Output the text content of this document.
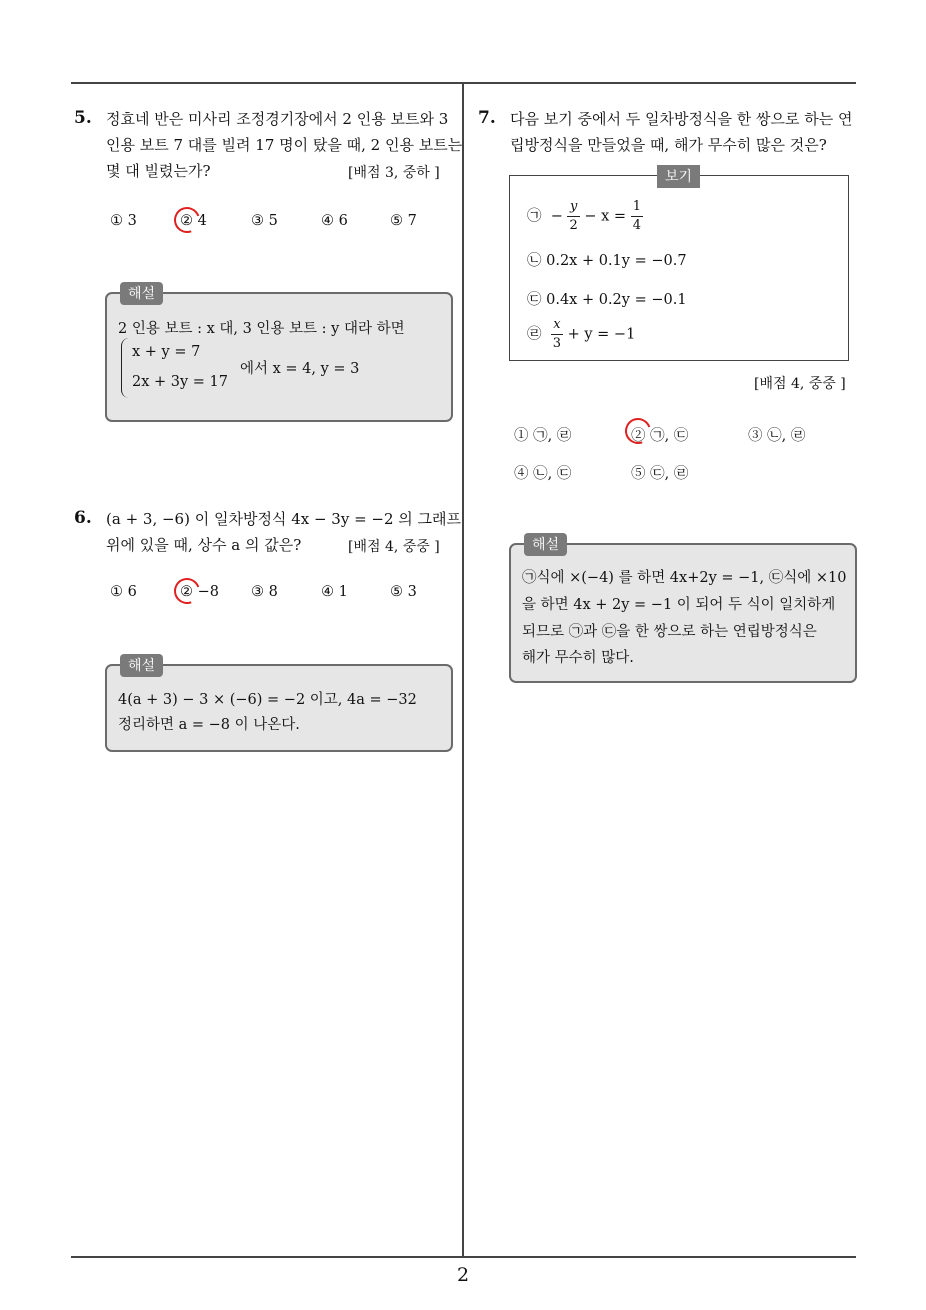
5. 정효네 반은 미사리 조정경기장에서 2 인용 보트와 3
인용 보트 7 대를 빌려 17 명이 탔을 때, 2 인용 보트는
몇 대 빌렸는가?	[배점 3, 중하 ]
① 3	② 4	③ 5	④ 6	⑤ 7
해설
2 인용 보트 : x 대, 3 인용 보트 : y 대라 하면
x + y = 7
2x + 3y = 17
에서 x = 4, y = 3
6. (a + 3, −6) 이 일차방정식 4x − 3y = −2 의 그래프
위에 있을 때, 상수 a 의 값은?	[배점 4, 중중 ]
① 6	② −8 ③ 8	④ 1	⑤ 3
해설
4(a + 3) − 3 × (−6) = −2 이고, 4a = −32
정리하면 a = −8 이 나온다.
7. 다음 보기 중에서 두 일차방정식을 한 쌍으로 하는 연
립방정식을 만들었을 때, 해가 무수히 많은 것은?
보기
㉠ − $\frac{y}{2} - x = \frac{1}{4}$
㉡ 0.2x + 0.1y = −0.7
㉢ 0.4x + 0.2y = −0.1
㉣ $\frac{x}{3} + y = -1$
[배점 4, 중중 ]
① ㉠, ㉣	② ㉠, ㉢	③ ㉡, ㉣
④ ㉡, ㉢	⑤ ㉢, ㉣
해설
㉠식에 ×(−4) 를 하면 4x+2y = −1, ㉢식에 ×10
을 하면 4x + 2y = −1 이 되어 두 식이 일치하게
되므로 ㉠과 ㉢을 한 쌍으로 하는 연립방정식은
해가 무수히 많다.
2
